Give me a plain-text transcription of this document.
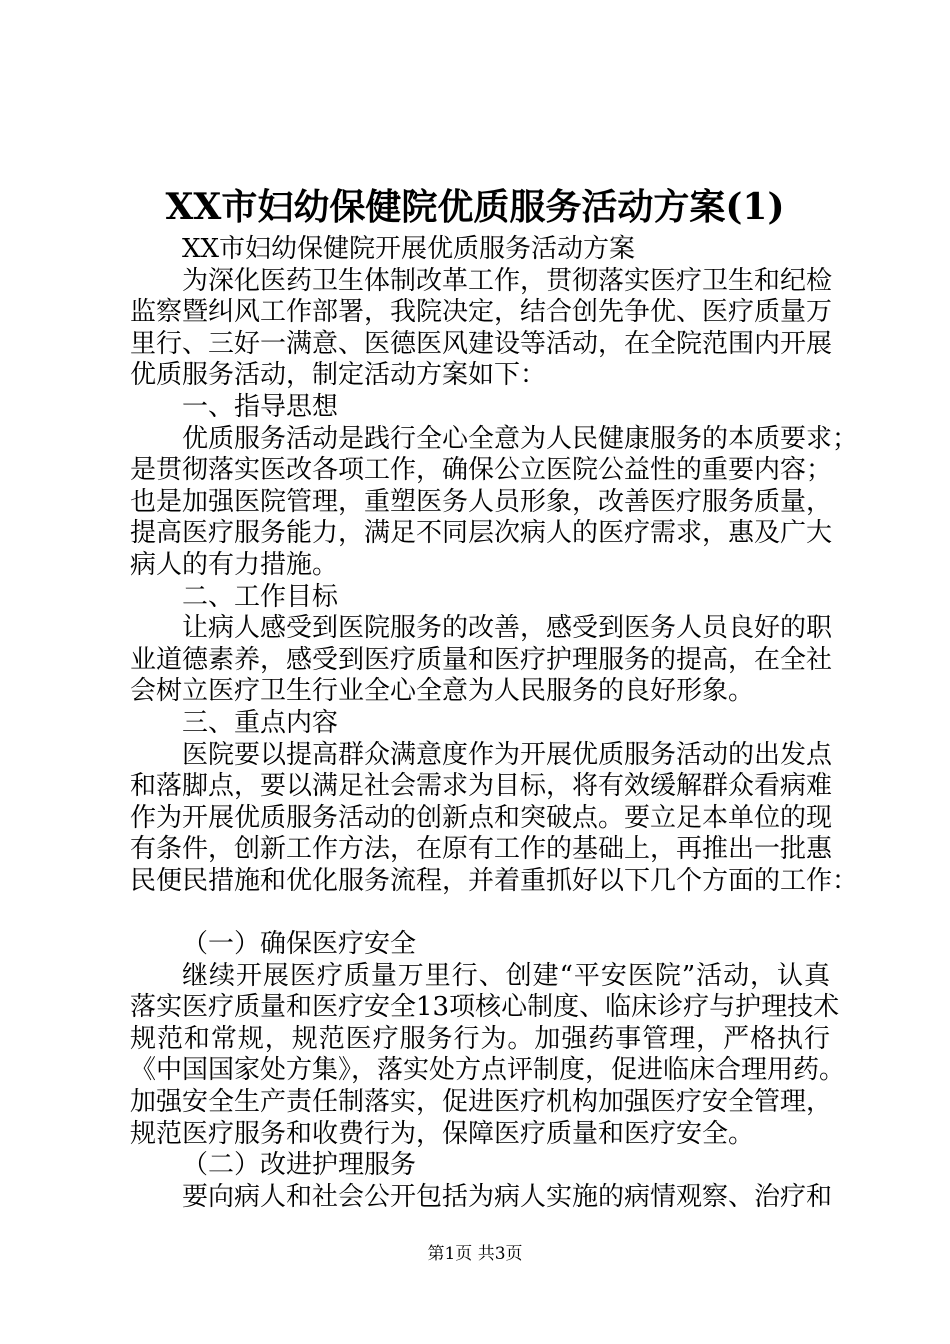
XX市妇幼保健院优质服务活动方案(1)
XX市妇幼保健院开展优质服务活动方案
为深化医药卫生体制改革工作，贯彻落实医疗卫生和纪检
监察暨纠风工作部署，我院决定，结合创先争优、医疗质量万
里行、三好一满意、医德医风建设等活动，在全院范围内开展
优质服务活动，制定活动方案如下：
一、指导思想
优质服务活动是践行全心全意为人民健康服务的本质要求；
是贯彻落实医改各项工作，确保公立医院公益性的重要内容；
也是加强医院管理，重塑医务人员形象，改善医疗服务质量，
提高医疗服务能力，满足不同层次病人的医疗需求，惠及广大
病人的有力措施。
二、工作目标
让病人感受到医院服务的改善，感受到医务人员良好的职
业道德素养，感受到医疗质量和医疗护理服务的提高，在全社
会树立医疗卫生行业全心全意为人民服务的良好形象。
三、重点内容
医院要以提高群众满意度作为开展优质服务活动的出发点
和落脚点，要以满足社会需求为目标，将有效缓解群众看病难
作为开展优质服务活动的创新点和突破点。要立足本单位的现
有条件，创新工作方法，在原有工作的基础上，再推出一批惠
民便民措施和优化服务流程，并着重抓好以下几个方面的工作：
（一）确保医疗安全
继续开展医疗质量万里行、创建“平安医院”活动，认真
落实医疗质量和医疗安全13项核心制度、临床诊疗与护理技术
规范和常规，规范医疗服务行为。加强药事管理，严格执行
《中国国家处方集》，落实处方点评制度，促进临床合理用药。
加强安全生产责任制落实，促进医疗机构加强医疗安全管理，
规范医疗服务和收费行为，保障医疗质量和医疗安全。
（二）改进护理服务
要向病人和社会公开包括为病人实施的病情观察、治疗和
第1页 共3页
